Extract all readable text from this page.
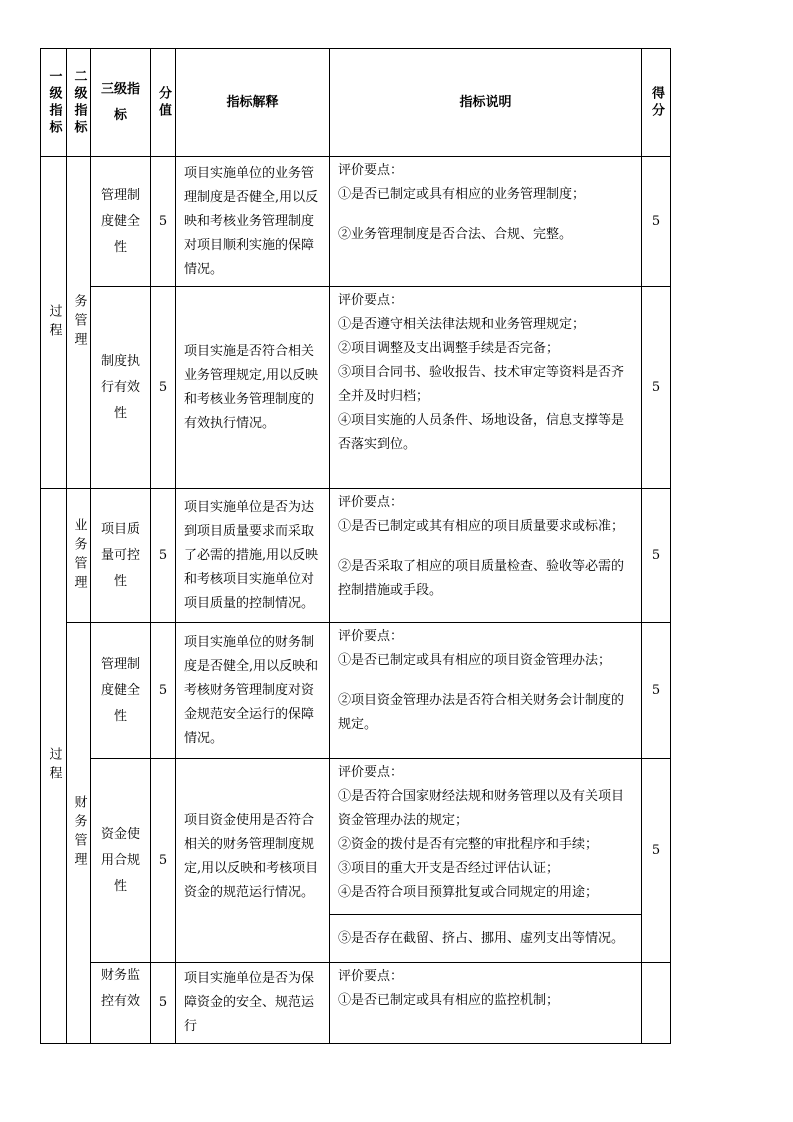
一级指标	二级指标	三级指标	分值	指标解释	指标说明	得分

过程	务管理	管理制度健全性	5	项目实施单位的业务管理制度是否健全,用以反映和考核业务管理制度对项目顺利实施的保障情况。	评价要点：

①是否已制定或具有相应的业务管理制度；

②业务管理制度是否合法、合规、完整。	5
		制度执行有效性	5	项目实施是否符合相关业务管理规定,用以反映和考核业务管理制度的有效执行情况。	评价要点：

①是否遵守相关法律法规和业务管理规定；

②项目调整及支出调整手续是否完备；

③项目合同书、验收报告、技术审定等资料是否齐全并及时归档；

④项目实施的人员条件、场地设备，信息支撑等是否落实到位。	5

过程	业务管理	项目质量可控性	5	项目实施单位是否为达到项目质量要求而采取了必需的措施,用以反映和考核项目实施单位对项目质量的控制情况。	评价要点：

①是否已制定或其有相应的项目质量要求或标准；

②是否采取了相应的项目质量检查、验收等必需的控制措施或手段。	5

	财务管理	管理制度健全性	5	项目实施单位的财务制度是否健全,用以反映和考核财务管理制度对资金规范安全运行的保障情况。	评价要点：

①是否已制定或具有相应的项目资金管理办法；

②项目资金管理办法是否符合相关财务会计制度的规定。	5
		资金使用合规性	5	项目资金使用是否符合相关的财务管理制度规定,用以反映和考核项目资金的规范运行情况。	评价要点：

①是否符合国家财经法规和财务管理以及有关项目资金管理办法的规定；

②资金的拨付是否有完整的审批程序和手续；

③项目的重大开支是否经过评估认证；

④是否符合项目预算批复或合同规定的用途；	5
					⑤是否存在截留、挤占、挪用、虚列支出等情况。	
		财务监控有效	5	项目实施单位是否为保障资金的安全、规范运行	评价要点：

①是否已制定或具有相应的监控机制；	
